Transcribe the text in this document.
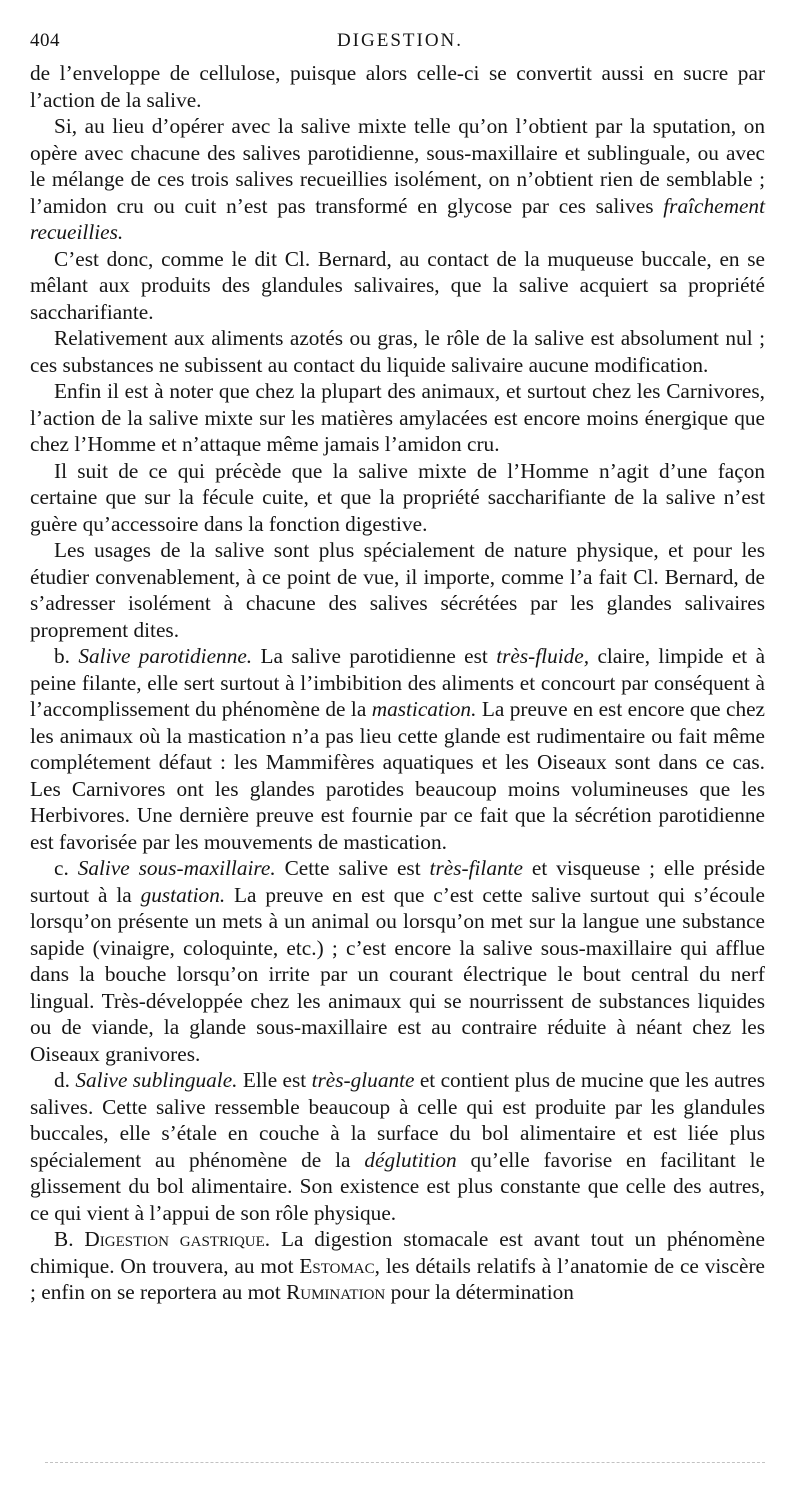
404	DIGESTION.

de l’enveloppe de cellulose, puisque alors celle-ci se convertit aussi en sucre par l’action de la salive.

Si, au lieu d’opérer avec la salive mixte telle qu’on l’obtient par la sputation, on opère avec chacune des salives parotidienne, sous-maxillaire et sublinguale, ou avec le mélange de ces trois salives recueillies isolément, on n’obtient rien de semblable ; l’amidon cru ou cuit n’est pas transformé en glycose par ces salives fraîchement recueillies.

C’est donc, comme le dit Cl. Bernard, au contact de la muqueuse buccale, en se mêlant aux produits des glandules salivaires, que la salive acquiert sa propriété saccharifiante.

Relativement aux aliments azotés ou gras, le rôle de la salive est absolument nul ; ces substances ne subissent au contact du liquide salivaire aucune modification.

Enfin il est à noter que chez la plupart des animaux, et surtout chez les Carnivores, l’action de la salive mixte sur les matières amylacées est encore moins énergique que chez l’Homme et n’attaque même jamais l’amidon cru.

Il suit de ce qui précède que la salive mixte de l’Homme n’agit d’une façon certaine que sur la fécule cuite, et que la propriété saccharifiante de la salive n’est guère qu’accessoire dans la fonction digestive.

Les usages de la salive sont plus spécialement de nature physique, et pour les étudier convenablement, à ce point de vue, il importe, comme l’a fait Cl. Bernard, de s’adresser isolément à chacune des salives sécrétées par les glandes salivaires proprement dites.

b. Salive parotidienne. La salive parotidienne est très-fluide, claire, limpide et à peine filante, elle sert surtout à l’imbibition des aliments et concourt par conséquent à l’accomplissement du phénomène de la mastication. La preuve en est encore que chez les animaux où la mastication n’a pas lieu cette glande est rudimentaire ou fait même complétement défaut : les Mammifères aquatiques et les Oiseaux sont dans ce cas. Les Carnivores ont les glandes parotides beaucoup moins volumineuses que les Herbivores. Une dernière preuve est fournie par ce fait que la sécrétion parotidienne est favorisée par les mouvements de mastication.

c. Salive sous-maxillaire. Cette salive est très-filante et visqueuse ; elle préside surtout à la gustation. La preuve en est que c’est cette salive surtout qui s’écoule lorsqu’on présente un mets à un animal ou lorsqu’on met sur la langue une substance sapide (vinaigre, coloquinte, etc.) ; c’est encore la salive sous-maxillaire qui afflue dans la bouche lorsqu’on irrite par un courant électrique le bout central du nerf lingual. Très-développée chez les animaux qui se nourrissent de substances liquides ou de viande, la glande sous-maxillaire est au contraire réduite à néant chez les Oiseaux granivores.

d. Salive sublinguale. Elle est très-gluante et contient plus de mucine que les autres salives. Cette salive ressemble beaucoup à celle qui est produite par les glandules buccales, elle s’étale en couche à la surface du bol alimentaire et est liée plus spécialement au phénomène de la déglutition qu’elle favorise en facilitant le glissement du bol alimentaire. Son existence est plus constante que celle des autres, ce qui vient à l’appui de son rôle physique.

B. Digestion gastrique. La digestion stomacale est avant tout un phénomène chimique. On trouvera, au mot Estomac, les détails relatifs à l’anatomie de ce viscère ; enfin on se reportera au mot Rumination pour la détermination
